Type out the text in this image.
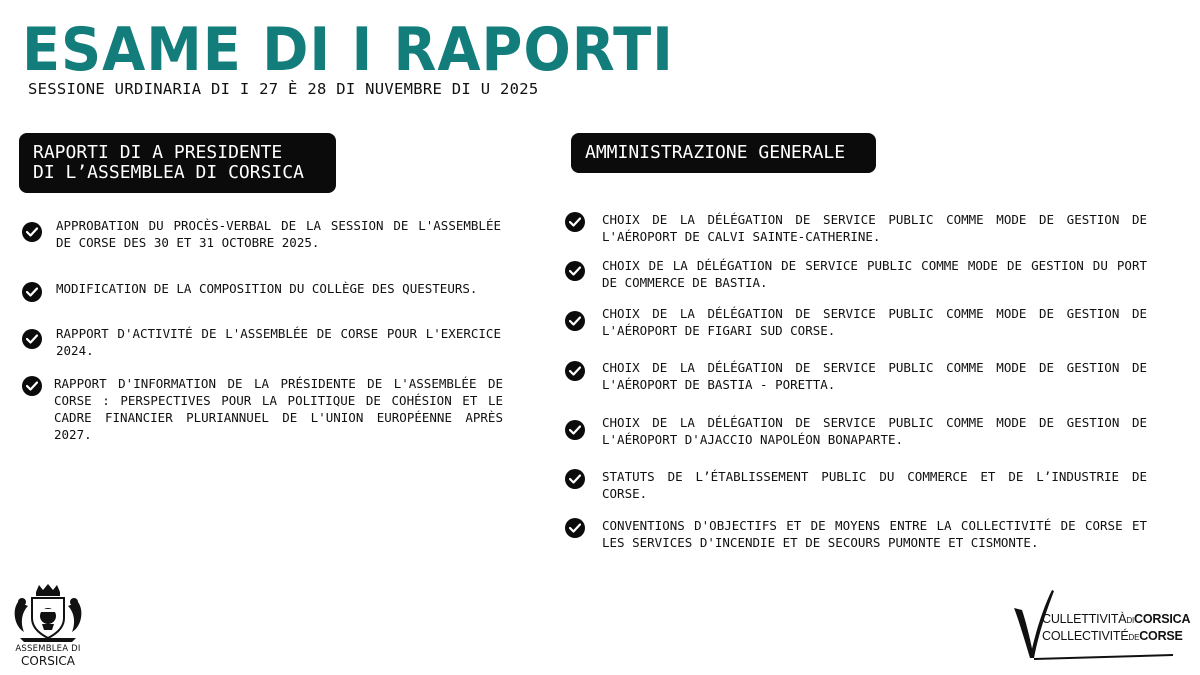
ESAME DI I RAPORTI
SESSIONE URDINARIA DI I 27 È 28 DI NUVEMBRE DI U 2025
RAPORTI DI A PRESIDENTE
DI L’ASSEMBLEA DI CORSICA
AMMINISTRAZIONE GENERALE
APPROBATION DU PROCÈS-VERBAL DE LA SESSION DE L'ASSEMBLÉE DE CORSE DES 30 ET 31 OCTOBRE 2025.
MODIFICATION DE LA COMPOSITION DU COLLÈGE DES QUESTEURS.
RAPPORT D'ACTIVITÉ DE L'ASSEMBLÉE DE CORSE POUR L'EXERCICE 2024.
RAPPORT D'INFORMATION DE LA PRÉSIDENTE DE L'ASSEMBLÉE DE CORSE : PERSPECTIVES POUR LA POLITIQUE DE COHÉSION ET LE CADRE FINANCIER PLURIANNUEL DE L'UNION EUROPÉENNE APRÈS 2027.
CHOIX DE LA DÉLÉGATION DE SERVICE PUBLIC COMME MODE DE GESTION DE L'AÉROPORT DE CALVI SAINTE-CATHERINE.
CHOIX DE LA DÉLÉGATION DE SERVICE PUBLIC COMME MODE DE GESTION DU PORT DE COMMERCE DE BASTIA.
CHOIX DE LA DÉLÉGATION DE SERVICE PUBLIC COMME MODE DE GESTION DE L'AÉROPORT DE FIGARI SUD CORSE.
CHOIX DE LA DÉLÉGATION DE SERVICE PUBLIC COMME MODE DE GESTION DE L'AÉROPORT DE BASTIA - PORETTA.
CHOIX DE LA DÉLÉGATION DE SERVICE PUBLIC COMME MODE DE GESTION DE L'AÉROPORT D'AJACCIO NAPOLÉON BONAPARTE.
STATUTS DE L’ÉTABLISSEMENT PUBLIC DU COMMERCE ET DE L’INDUSTRIE DE CORSE.
CONVENTIONS D'OBJECTIFS ET DE MOYENS ENTRE LA COLLECTIVITÉ DE CORSE ET LES SERVICES D'INCENDIE ET DE SECOURS PUMONTE ET CISMONTE.
ASSEMBLEA DI
CORSICA
CULLETTIVITÀDICORSICA
COLLECTIVITÉDECORSE
